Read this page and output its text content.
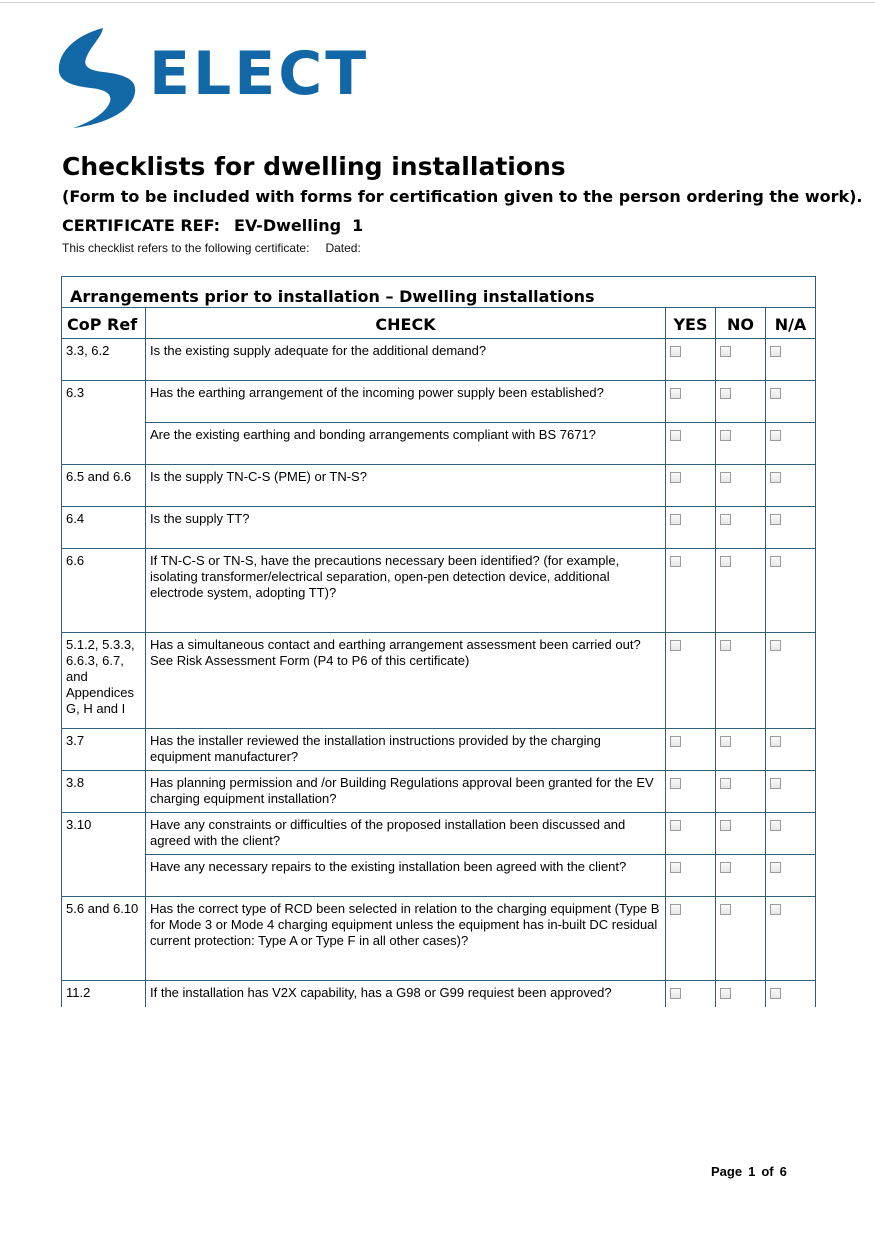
ELECT
Checklists for dwelling installations

(Form to be included with forms for certification given to the person ordering the work).

CERTIFICATE REF: EV-Dwelling  1
This checklist refers to the following certificate: Dated:
Arrangements prior to installation – Dwelling installations				
CoP Ref	CHECK	YES	NO	N/A
3.3, 6.2	Is the existing supply adequate for the additional demand?			
6.3	Has the earthing arrangement of the incoming power supply been established?			
	Are the existing earthing and bonding arrangements compliant with BS 7671?			
6.5 and 6.6	Is the supply TN-C-S (PME) or TN-S?			
6.4	Is the supply TT?			
6.6	If TN-C-S or TN-S, have the precautions necessary been identified? (for example, isolating transformer/electrical separation, open-pen detection device, additional electrode system, adopting TT)?			
5.1.2, 5.3.3, 6.6.3, 6.7, and Appendices G, H and I	Has a simultaneous contact and earthing arrangement assessment been carried out? See Risk Assessment Form (P4 to P6 of this certificate)			
3.7	Has the installer reviewed the installation instructions provided by the charging equipment manufacturer?			
3.8	Has planning permission and /or Building Regulations approval been granted for the EV charging equipment installation?			
3.10	Have any constraints or difficulties of the proposed installation been discussed and agreed with the client?			
	Have any necessary repairs to the existing installation been agreed with the client?			
5.6 and 6.10	Has the correct type of RCD been selected in relation to the charging equipment (Type B for Mode 3 or Mode 4 charging equipment unless the equipment has in-built DC residual current protection: Type A or Type F in all other cases)?			
11.2	If the installation has V2X capability, has a G98 or G99 requiest been approved?			
Page 1 of 6
